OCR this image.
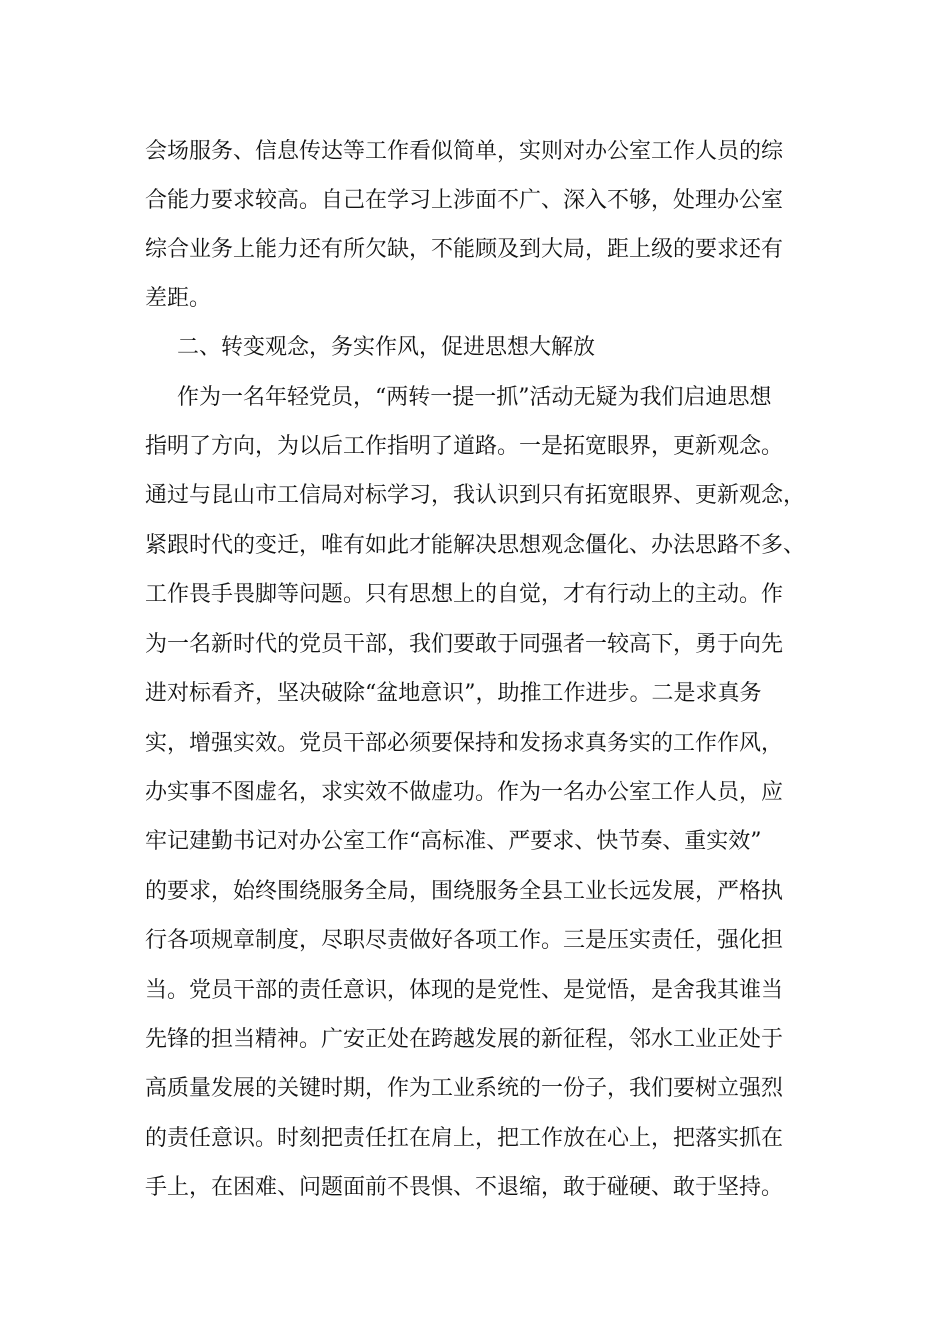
会场服务、信息传达等工作看似简单，实则对办公室工作人员的综
合能力要求较高。自己在学习上涉面不广、深入不够，处理办公室
综合业务上能力还有所欠缺，不能顾及到大局，距上级的要求还有
差距。
二、转变观念，务实作风，促进思想大解放
作为一名年轻党员，“两转一提一抓”活动无疑为我们启迪思想
指明了方向，为以后工作指明了道路。一是拓宽眼界，更新观念。
通过与昆山市工信局对标学习，我认识到只有拓宽眼界、更新观念，
紧跟时代的变迁，唯有如此才能解决思想观念僵化、办法思路不多、
工作畏手畏脚等问题。只有思想上的自觉，才有行动上的主动。作
为一名新时代的党员干部，我们要敢于同强者一较高下，勇于向先
进对标看齐，坚决破除“盆地意识”，助推工作进步。二是求真务
实，增强实效。党员干部必须要保持和发扬求真务实的工作作风，
办实事不图虚名，求实效不做虚功。作为一名办公室工作人员，应
牢记建勤书记对办公室工作“高标准、严要求、快节奏、重实效”
的要求，始终围绕服务全局，围绕服务全县工业长远发展，严格执
行各项规章制度，尽职尽责做好各项工作。三是压实责任，强化担
当。党员干部的责任意识，体现的是党性、是觉悟，是舍我其谁当
先锋的担当精神。广安正处在跨越发展的新征程，邻水工业正处于
高质量发展的关键时期，作为工业系统的一份子，我们要树立强烈
的责任意识。时刻把责任扛在肩上，把工作放在心上，把落实抓在
手上，在困难、问题面前不畏惧、不退缩，敢于碰硬、敢于坚持。
